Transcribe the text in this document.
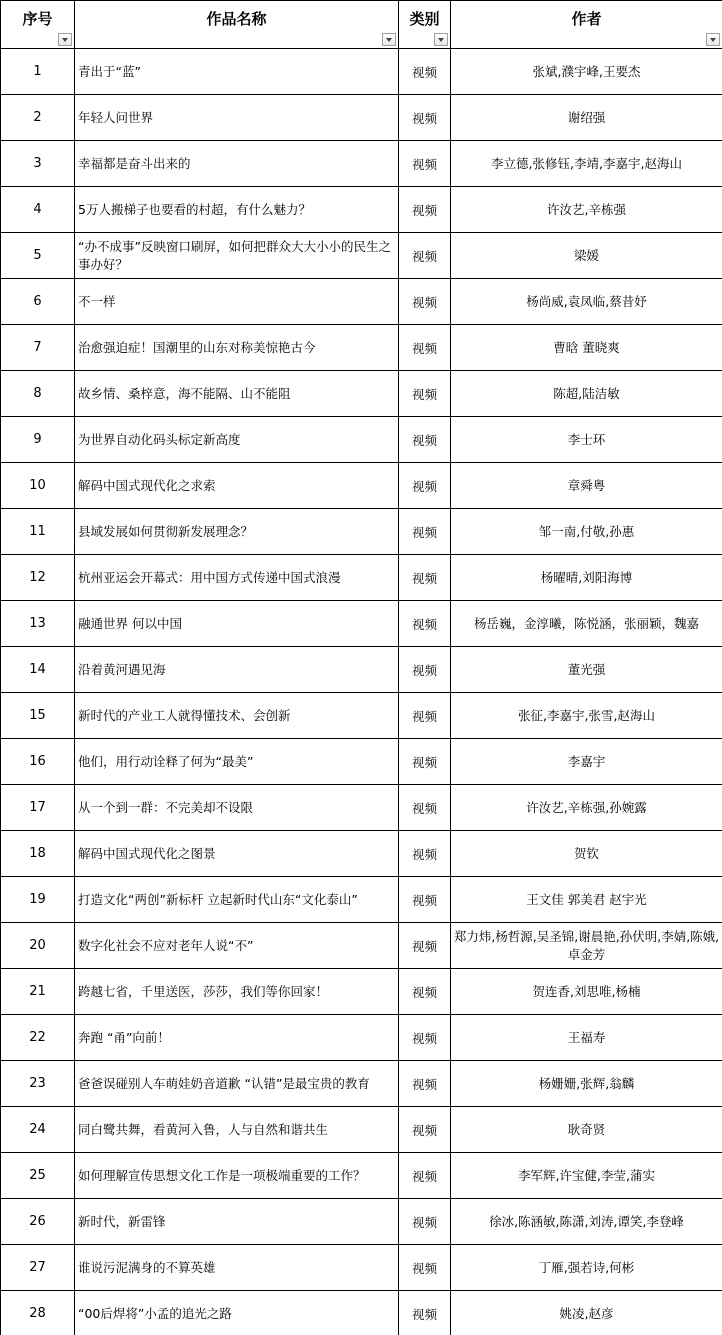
序号	作品名称	类别	作者

1	青出于“蓝”	视频	张斌,濮宇峰,王要杰
2	年轻人问世界	视频	谢绍强
3	幸福都是奋斗出来的	视频	李立德,张修钰,李靖,李嘉宇,赵海山
4	5万人搬梯子也要看的村超，有什么魅力？	视频	许汝艺,辛栋强
5	“办不成事”反映窗口刷屏，如何把群众大大小小的民生之事办好？	视频	梁媛
6	不一样	视频	杨尚威,袁凤临,蔡昔妤
7	治愈强迫症！国潮里的山东对称美惊艳古今	视频	曹晗 董晓爽
8	故乡情、桑梓意，海不能隔、山不能阻	视频	陈超,陆洁敏
9	为世界自动化码头标定新高度	视频	李士环
10	解码中国式现代化之求索	视频	章舜粤
11	县域发展如何贯彻新发展理念？	视频	邹一南,付敬,孙惠
12	杭州亚运会开幕式：用中国方式传递中国式浪漫	视频	杨曜晴,刘阳海博
13	融通世界 何以中国	视频	杨岳巍，金淳曦，陈悦涵，张丽颖，魏嘉
14	沿着黄河遇见海	视频	董光强
15	新时代的产业工人就得懂技术、会创新	视频	张征,李嘉宇,张雪,赵海山
16	他们，用行动诠释了何为“最美”	视频	李嘉宇
17	从一个到一群：不完美却不设限	视频	许汝艺,辛栋强,孙婉露
18	解码中国式现代化之图景	视频	贺钦
19	打造文化“两创”新标杆 立起新时代山东“文化泰山”	视频	王文佳 郭美君 赵宇光
20	数字化社会不应对老年人说“不”	视频	郑力炜,杨哲源,吴圣锦,谢晨艳,孙伏明,李婧,陈娥,卓金芳
21	跨越七省，千里送医，莎莎，我们等你回家！	视频	贺连香,刘思唯,杨楠
22	奔跑 “甬”向前！	视频	王福寿
23	爸爸误碰别人车萌娃奶音道歉 “认错”是最宝贵的教育	视频	杨姗姗,张辉,翁麟
24	同白鹭共舞，看黄河入鲁，人与自然和谐共生	视频	耿奇贤
25	如何理解宣传思想文化工作是一项极端重要的工作？	视频	李军辉,许宝健,李莹,蒲实
26	新时代，新雷锋	视频	徐冰,陈涵敏,陈潇,刘涛,谭笑,李登峰
27	谁说污泥满身的不算英雄	视频	丁雁,强若诗,何彬
28	“00后焊将”小孟的追光之路	视频	姚凌,赵彦
